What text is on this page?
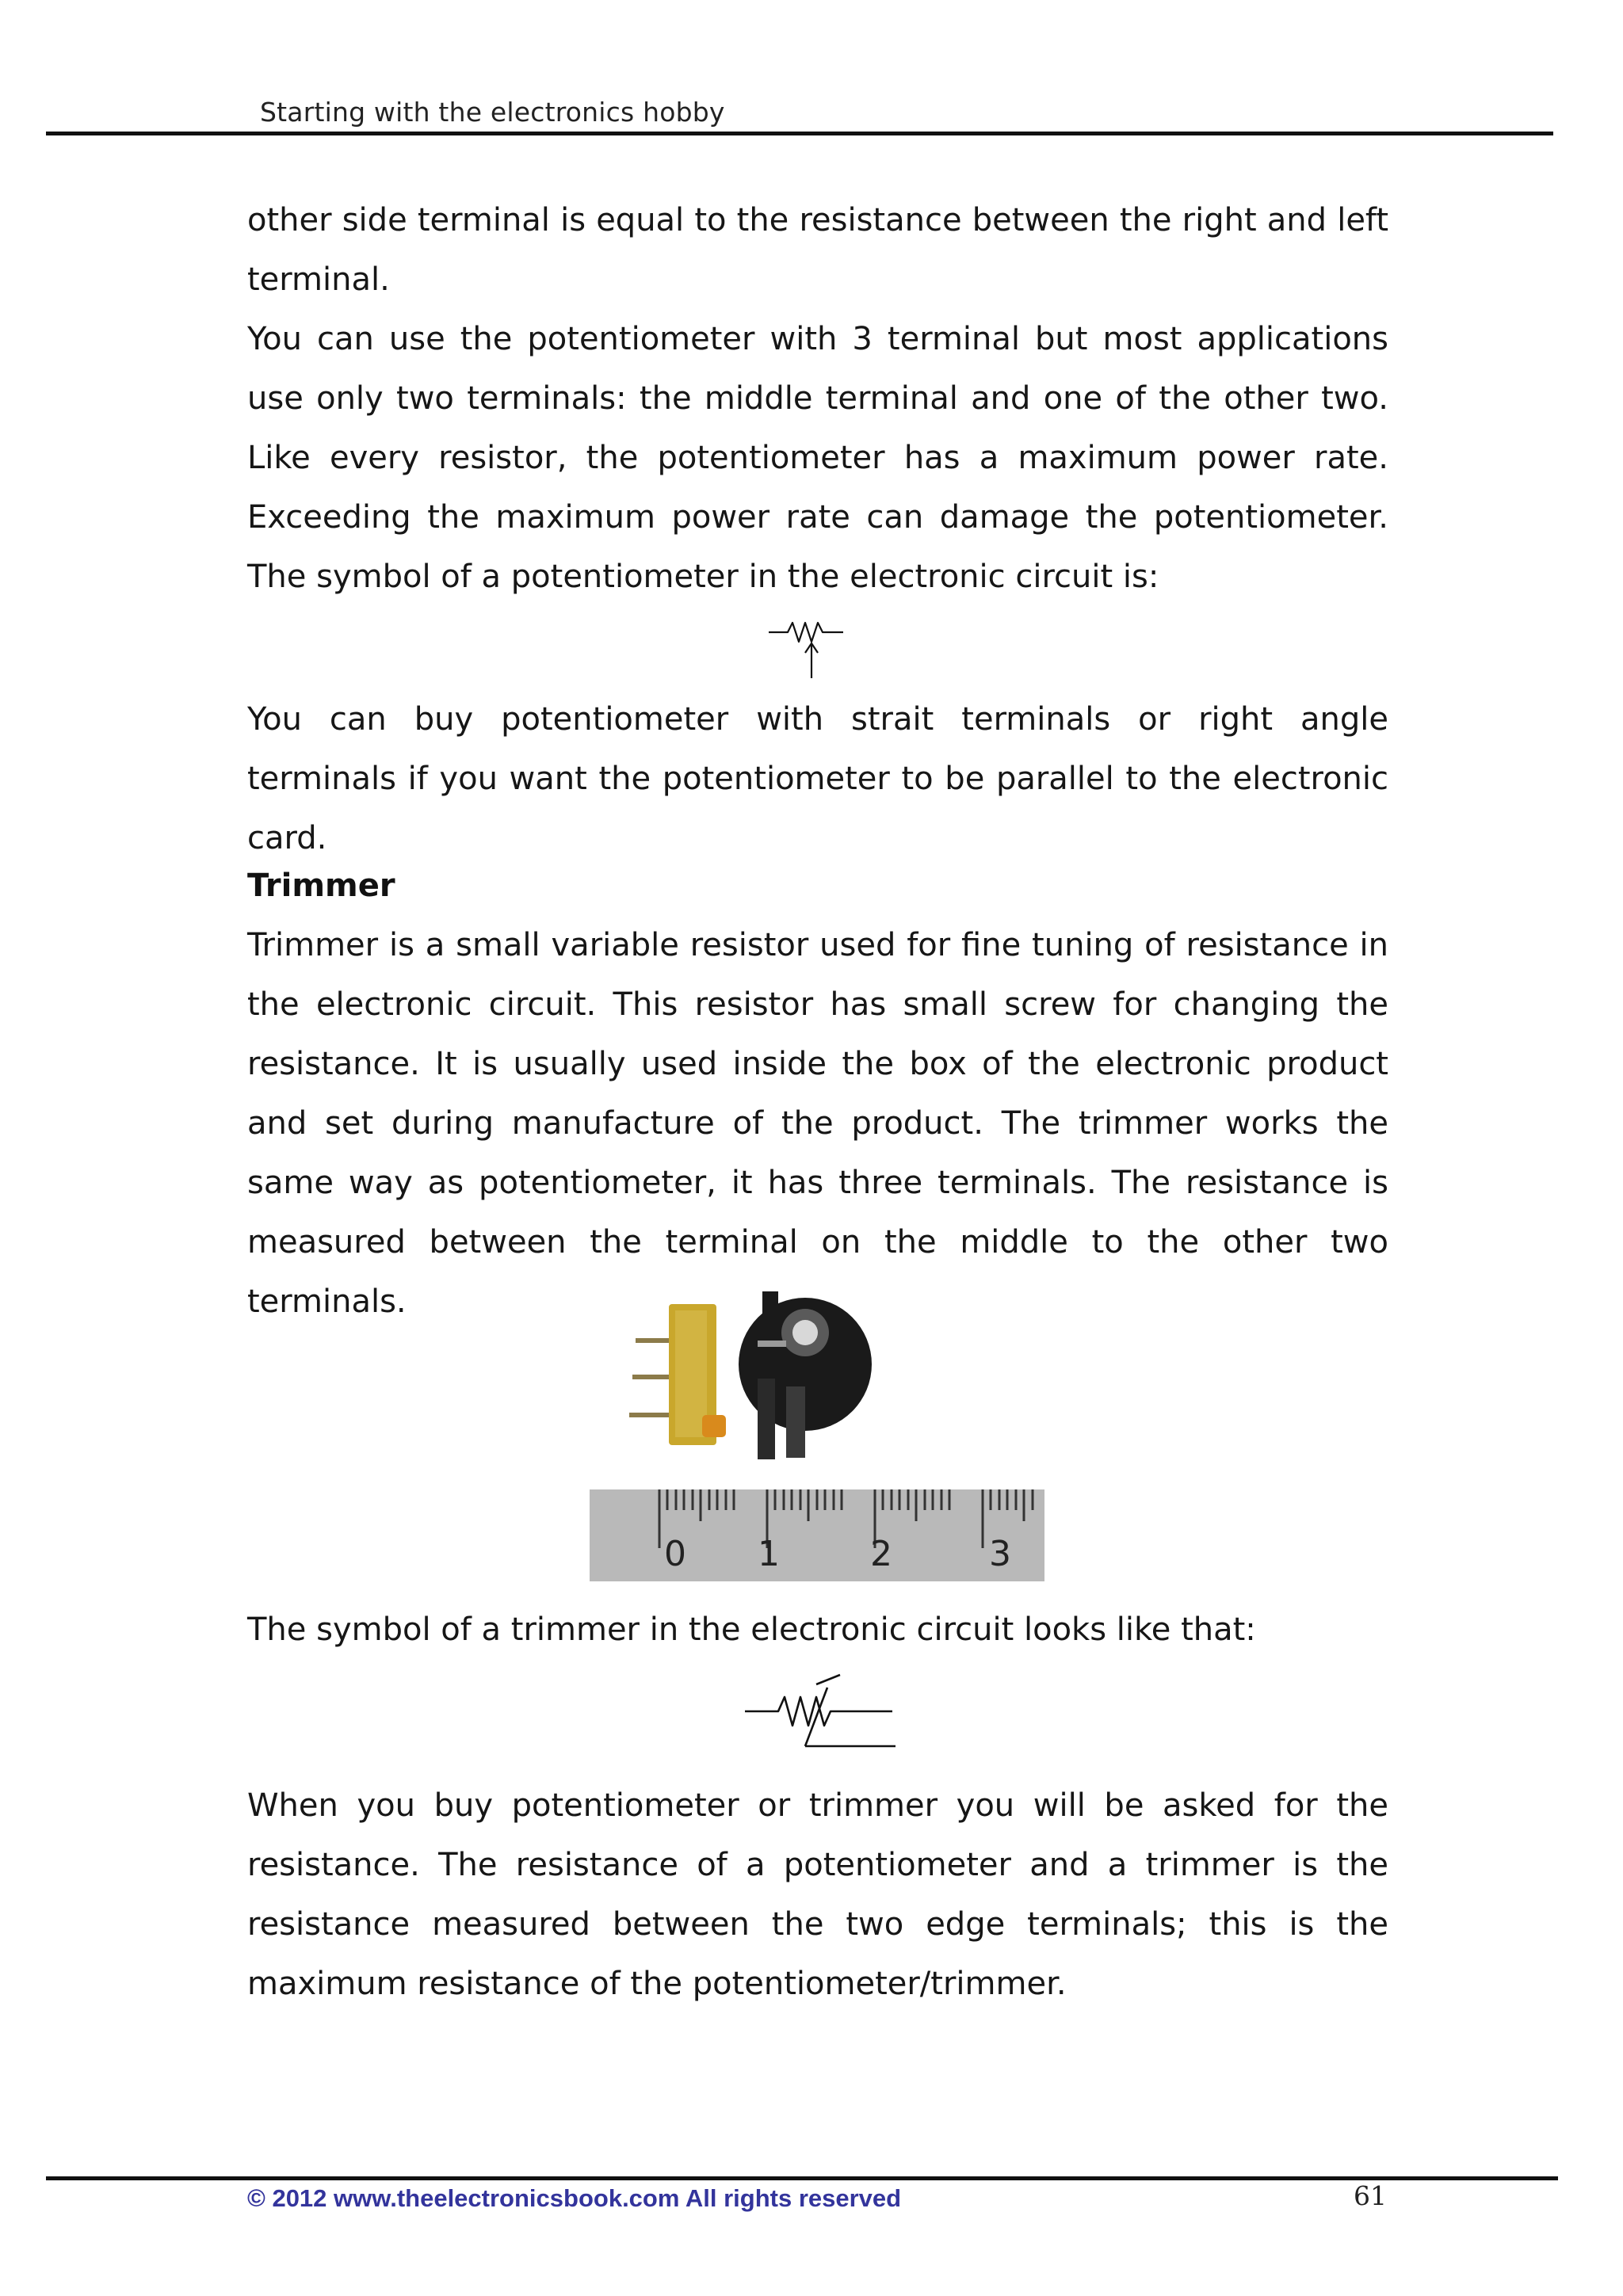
Starting with the electronics hobby

other side terminal is equal to the resistance between the right and left terminal.

You can use the potentiometer with 3 terminal but most applications use only two terminals: the middle terminal and one of the other two. Like every resistor, the potentiometer has a maximum power rate. Exceeding the maximum power rate can damage the potentiometer. The symbol of a potentiometer in the electronic circuit is:

You can buy potentiometer with strait terminals or right angle terminals if you want the potentiometer to be parallel to the electronic card.

Trimmer

Trimmer is a small variable resistor used for fine tuning of resistance in the electronic circuit. This resistor has small screw for changing the resistance. It is usually used inside the box of the electronic product and set during manufacture of the product. The trimmer works the same way as potentiometer, it has three terminals. The resistance is measured between the terminal on the middle to the other two terminals.

0 1	2	3

The symbol of a trimmer in the electronic circuit looks like that:

When you buy potentiometer or trimmer you will be asked for the resistance. The resistance of a potentiometer and a trimmer is the resistance measured between the two edge terminals; this is the maximum resistance of the potentiometer/trimmer.

© 2012 www.theelectronicsbook.com All rights reserved	61
